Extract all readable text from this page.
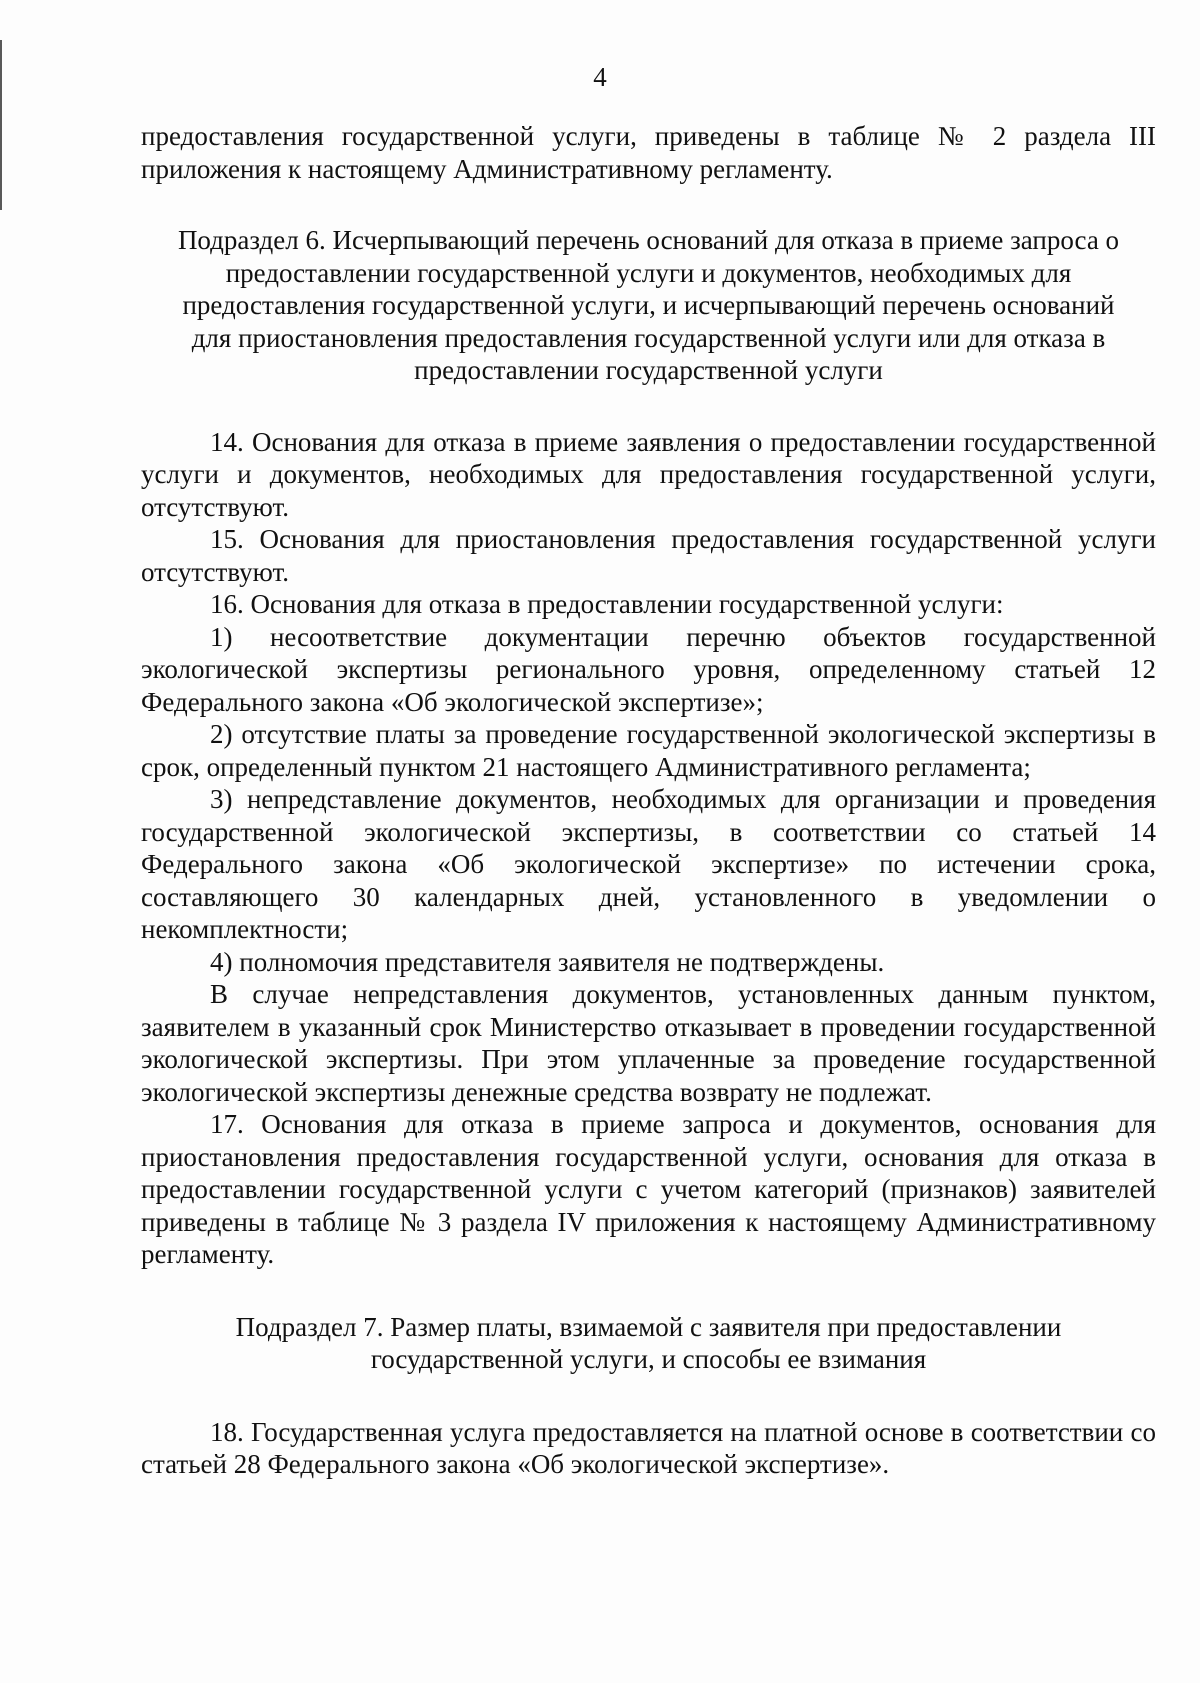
4

предоставления государственной услуги, приведены в таблице № 2 раздела III приложения к настоящему Административному регламенту.

Подраздел 6. Исчерпывающий перечень оснований для отказа в приеме запроса о предоставлении государственной услуги и документов, необходимых для предоставления государственной услуги, и исчерпывающий перечень оснований для приостановления предоставления государственной услуги или для отказа в предоставлении государственной услуги

14. Основания для отказа в приеме заявления о предоставлении государственной услуги и документов, необходимых для предоставления государственной услуги, отсутствуют.

15. Основания для приостановления предоставления государственной услуги отсутствуют.

16. Основания для отказа в предоставлении государственной услуги:

1) несоответствие документации перечню объектов государственной экологической экспертизы регионального уровня, определенному статьей 12 Федерального закона «Об экологической экспертизе»;

2) отсутствие платы за проведение государственной экологической экспертизы в срок, определенный пунктом 21 настоящего Административного регламента;

3) непредставление документов, необходимых для организации и проведения государственной экологической экспертизы, в соответствии со статьей 14 Федерального закона «Об экологической экспертизе» по истечении срока, составляющего 30 календарных дней, установленного в уведомлении о некомплектности;

4) полномочия представителя заявителя не подтверждены.

В случае непредставления документов, установленных данным пунктом, заявителем в указанный срок Министерство отказывает в проведении государственной экологической экспертизы. При этом уплаченные за проведение государственной экологической экспертизы денежные средства возврату не подлежат.

17. Основания для отказа в приеме запроса и документов, основания для приостановления предоставления государственной услуги, основания для отказа в предоставлении государственной услуги с учетом категорий (признаков) заявителей приведены в таблице № 3 раздела IV приложения к настоящему Административному регламенту.

Подраздел 7. Размер платы, взимаемой с заявителя при предоставлении государственной услуги, и способы ее взимания

18. Государственная услуга предоставляется на платной основе в соответствии со статьей 28 Федерального закона «Об экологической экспертизе».
